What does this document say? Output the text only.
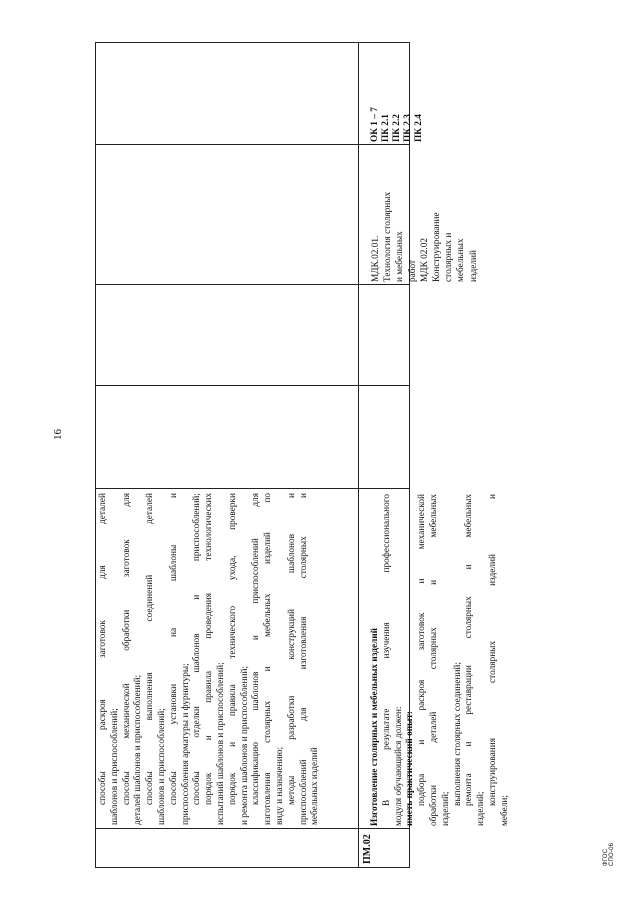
16
ФГОС СПО-06
способы раскроя заготовок для деталей шаблонов и приспособлений; способы механической обработки заготовок для деталей шаблонов и приспособлений; способы выполнения соединений деталей шаблонов и приспособлений; способы установки на шаблоны и приспособления арматуры и фурнитуры; способы отделки шаблонов и приспособлений; порядок и правила проведения технологических испытаний шаблонов и приспособлений; порядок и правила технического ухода, проверки и ремонта шаблонов и приспособлений; классификацию шаблонов и приспособлений для изготовления столярных и мебельных изделий по виду и назначению; методы разработки конструкций шаблонов и приспособлений для изготовления столярных и мебельных изделий
ПМ.02
Изготовление столярных и мебельных изделий В результате изучения профессионального модуля обучающийся должен: иметь практический опыт: подбора и раскроя заготовок и механической обработки деталей столярных и мебельных изделий;
выполнения столярных соединений; ремонта и реставрации столярных и мебельных
изделий;
конструирования столярных изделий и
мебели;
МДК.02.01. Технология столярных и мебельных работ МДК 02.02 Конструирование столярных и мебельных изделий
ОК 1 – 7 ПК 2.1 ПК 2.2 ПК 2.3 ПК 2.4
